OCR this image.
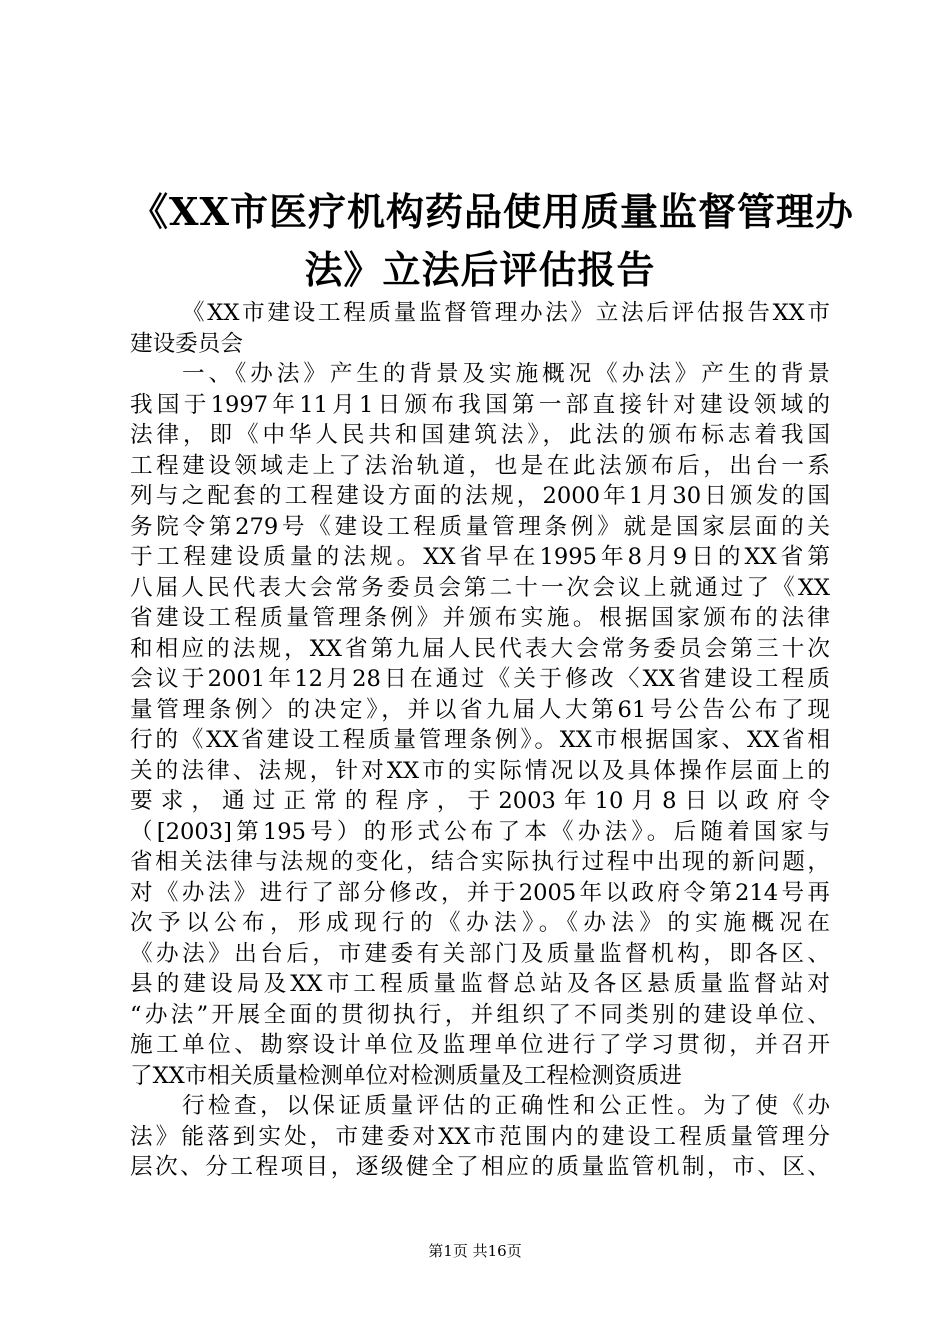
《XX市医疗机构药品使用质量监督管理办
法》立法后评估报告
《XX市建设工程质量监督管理办法》立法后评估报告XX市
建设委员会
一、《办法》产生的背景及实施概况《办法》产生的背景
我国于1997年11月1日颁布我国第一部直接针对建设领域的
法律，即《中华人民共和国建筑法》，此法的颁布标志着我国
工程建设领域走上了法治轨道，也是在此法颁布后，出台一系
列与之配套的工程建设方面的法规，2000年1月30日颁发的国
务院令第279号《建设工程质量管理条例》就是国家层面的关
于工程建设质量的法规。XX省早在1995年8月9日的XX省第
八届人民代表大会常务委员会第二十一次会议上就通过了《XX
省建设工程质量管理条例》并颁布实施。根据国家颁布的法律
和相应的法规，XX省第九届人民代表大会常务委员会第三十次
会议于2001年12月28日在通过《关于修改〈XX省建设工程质
量管理条例〉的决定》，并以省九届人大第61号公告公布了现
行的《XX省建设工程质量管理条例》。XX市根据国家、XX省相
关的法律、法规，针对XX市的实际情况以及具体操作层面上的
要求，通过正常的程序，于2003年10月8日以政府令
（[2003]第195号）的形式公布了本《办法》。后随着国家与
省相关法律与法规的变化，结合实际执行过程中出现的新问题，
对《办法》进行了部分修改，并于2005年以政府令第214号再
次予以公布，形成现行的《办法》。《办法》的实施概况在
《办法》出台后，市建委有关部门及质量监督机构，即各区、
县的建设局及XX市工程质量监督总站及各区悬质量监督站对
“办法”开展全面的贯彻执行，并组织了不同类别的建设单位、
施工单位、勘察设计单位及监理单位进行了学习贯彻，并召开
了XX市相关质量检测单位对检测质量及工程检测资质进
行检查，以保证质量评估的正确性和公正性。为了使《办
法》能落到实处，市建委对XX市范围内的建设工程质量管理分
层次、分工程项目，逐级健全了相应的质量监管机制，市、区、
第1页 共16页
